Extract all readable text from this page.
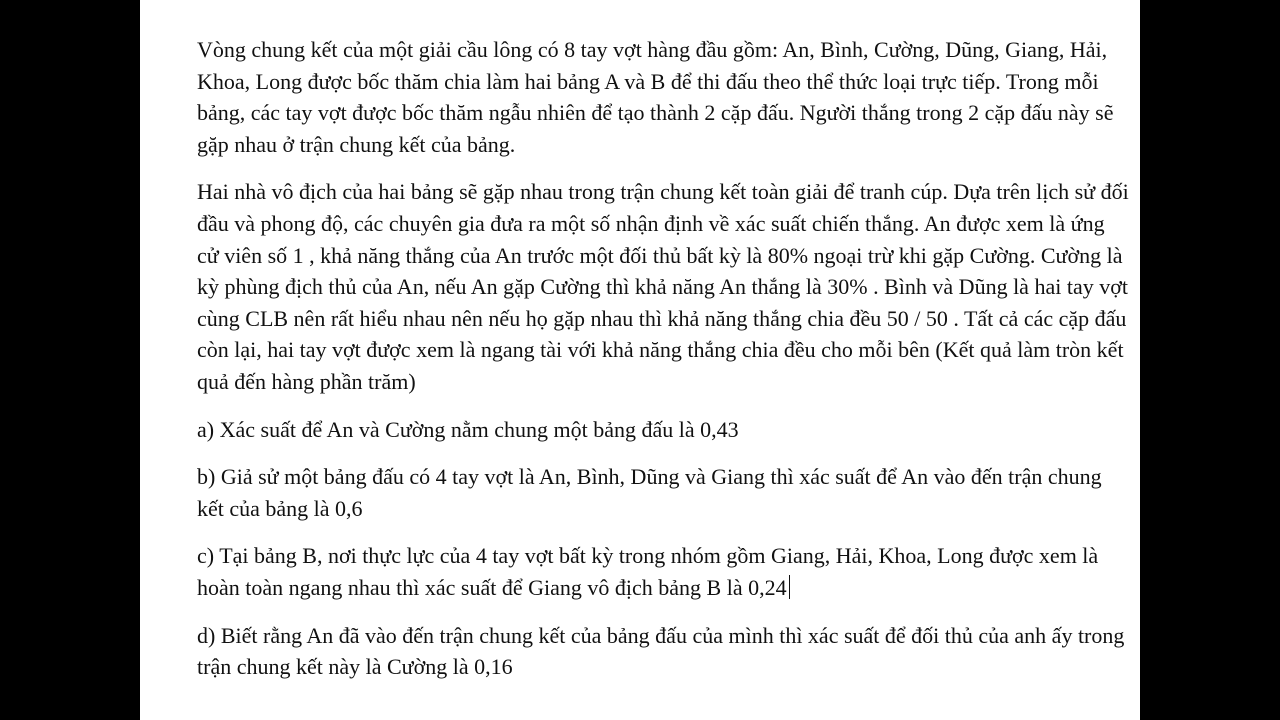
Vòng chung kết của một giải cầu lông có 8 tay vợt hàng đầu gồm: An, Bình, Cường, Dũng, Giang, Hải, Khoa, Long được bốc thăm chia làm hai bảng A và B để thi đấu theo thể thức loại trực tiếp. Trong mỗi bảng, các tay vợt được bốc thăm ngẫu nhiên để tạo thành 2 cặp đấu. Người thắng trong 2 cặp đấu này sẽ gặp nhau ở trận chung kết của bảng.

Hai nhà vô địch của hai bảng sẽ gặp nhau trong trận chung kết toàn giải để tranh cúp. Dựa trên lịch sử đối đầu và phong độ, các chuyên gia đưa ra một số nhận định về xác suất chiến thắng. An được xem là ứng cử viên số 1 , khả năng thắng của An trước một đối thủ bất kỳ là 80% ngoại trừ khi gặp Cường. Cường là kỳ phùng địch thủ của An, nếu An gặp Cường thì khả năng An thắng là 30% . Bình và Dũng là hai tay vợt cùng CLB nên rất hiểu nhau nên nếu họ gặp nhau thì khả năng thắng chia đều 50 / 50 . Tất cả các cặp đấu còn lại, hai tay vợt được xem là ngang tài với khả năng thắng chia đều cho mỗi bên (Kết quả làm tròn kết quả đến hàng phần trăm)

a) Xác suất để An và Cường nằm chung một bảng đấu là 0,43

b) Giả sử một bảng đấu có 4 tay vợt là An, Bình, Dũng và Giang thì xác suất để An vào đến trận chung kết của bảng là 0,6

c) Tại bảng B, nơi thực lực của 4 tay vợt bất kỳ trong nhóm gồm Giang, Hải, Khoa, Long được xem là hoàn toàn ngang nhau thì xác suất để Giang vô địch bảng B là 0,24

d) Biết rằng An đã vào đến trận chung kết của bảng đấu của mình thì xác suất để đối thủ của anh ấy trong trận chung kết này là Cường là 0,16
